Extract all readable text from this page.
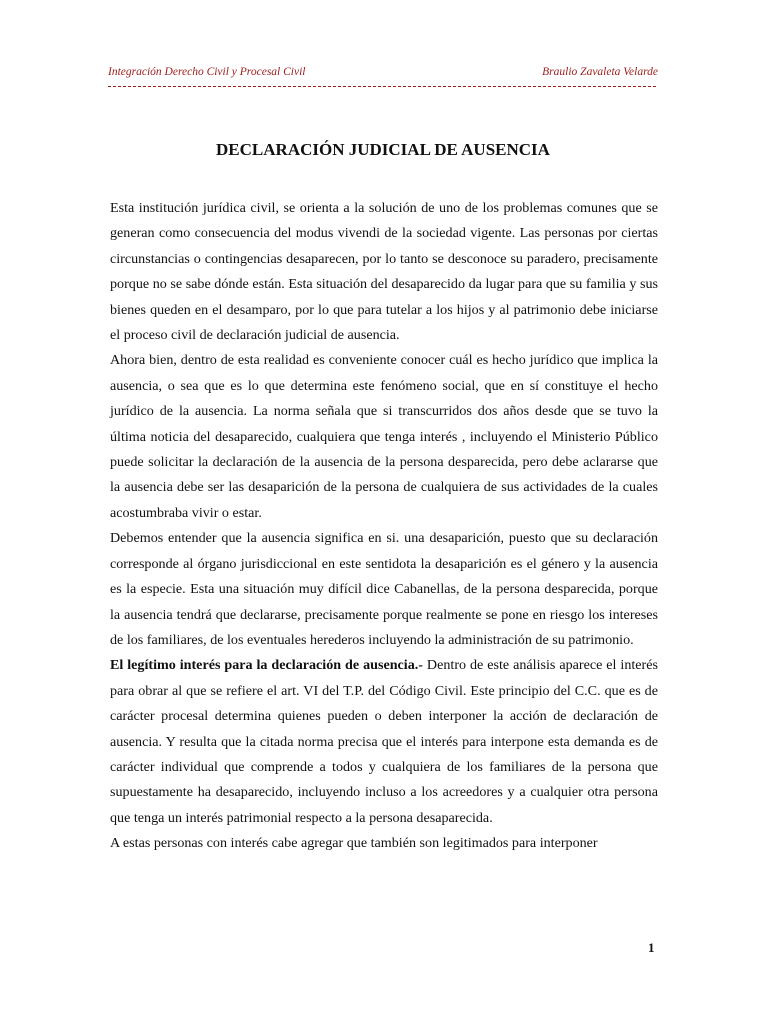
Integración Derecho Civil y Procesal Civil	Braulio Zavaleta Velarde
DECLARACIÓN JUDICIAL DE AUSENCIA

Esta institución jurídica civil, se orienta a la solución de uno de los problemas comunes que se generan como consecuencia del modus vivendi de la sociedad vigente. Las personas por ciertas circunstancias o contingencias desaparecen, por lo tanto se desconoce su paradero, precisamente porque no se sabe dónde están. Esta situación del desaparecido da lugar para que su familia y sus bienes queden en el desamparo, por lo que para tutelar a los hijos y al patrimonio debe iniciarse el proceso civil de declaración judicial de ausencia.

Ahora bien, dentro de esta realidad es conveniente conocer cuál es hecho jurídico que implica la ausencia, o sea que es lo que determina este fenómeno social, que en sí constituye el hecho jurídico de la ausencia. La norma señala que si transcurridos dos años desde que se tuvo la última noticia del desaparecido, cualquiera que tenga interés , incluyendo el Ministerio Público puede solicitar la declaración de la ausencia de la persona desparecida, pero debe aclararse que la ausencia debe ser las desaparición de la persona de cualquiera de sus actividades de la cuales acostumbraba vivir o estar.

Debemos entender que la ausencia significa en si. una desaparición, puesto que su declaración corresponde al órgano jurisdiccional en este sentidota la desaparición es el género y la ausencia es la especie. Esta una situación muy difícil dice Cabanellas, de la persona desparecida, porque la ausencia tendrá que declararse, precisamente porque realmente se pone en riesgo los intereses de los familiares, de los eventuales herederos incluyendo la administración de su patrimonio.

El legítimo interés para la declaración de ausencia.- Dentro de este análisis aparece el interés para obrar al que se refiere el art. VI del T.P. del Código Civil. Este principio del C.C. que es de carácter procesal determina quienes pueden o deben interponer la acción de declaración de ausencia. Y resulta que la citada norma precisa que el interés para interpone esta demanda es de carácter individual que comprende a todos y cualquiera de los familiares de la persona que supuestamente ha desaparecido, incluyendo incluso a los acreedores y a cualquier otra persona que tenga un interés patrimonial respecto a la persona desaparecida.

A estas personas con interés cabe agregar que también son legitimados para interponer

1
